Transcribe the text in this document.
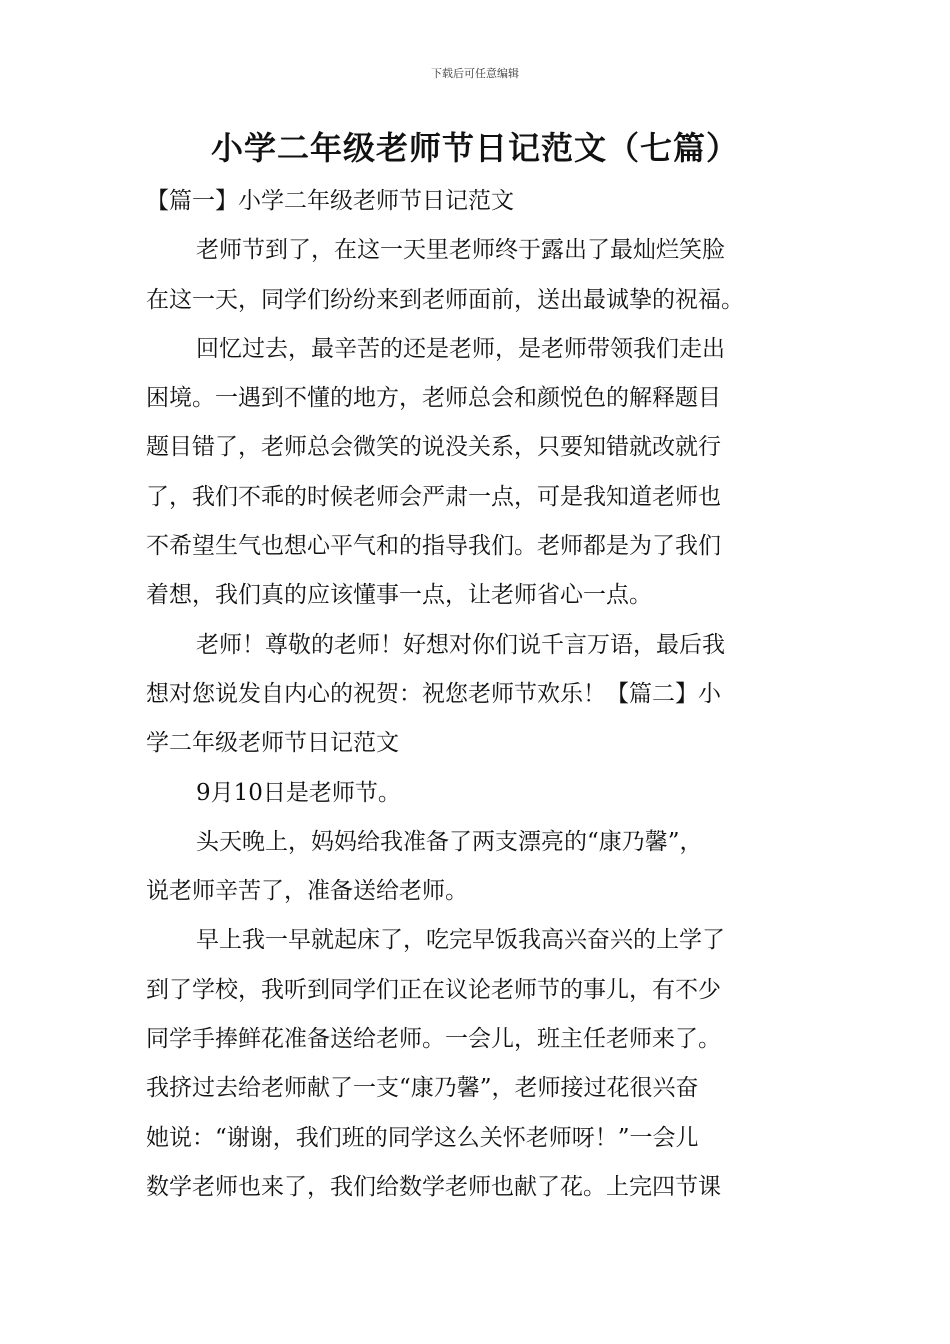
下载后可任意编辑
小学二年级老师节日记范文（七篇）
【篇一】小学二年级老师节日记范文
老师节到了，在这一天里老师终于露出了最灿烂笑脸
在这一天，同学们纷纷来到老师面前，送出最诚挚的祝福。
回忆过去，最辛苦的还是老师，是老师带领我们走出
困境。一遇到不懂的地方，老师总会和颜悦色的解释题目
题目错了，老师总会微笑的说没关系，只要知错就改就行
了，我们不乖的时候老师会严肃一点，可是我知道老师也
不希望生气也想心平气和的指导我们。老师都是为了我们
着想，我们真的应该懂事一点，让老师省心一点。
老师！尊敬的老师！好想对你们说千言万语，最后我
想对您说发自内心的祝贺：祝您老师节欢乐！【篇二】小
学二年级老师节日记范文
9月10日是老师节。
头天晚上，妈妈给我准备了两支漂亮的“康乃馨”，
说老师辛苦了，准备送给老师。
早上我一早就起床了，吃完早饭我高兴奋兴的上学了
到了学校，我听到同学们正在议论老师节的事儿，有不少
同学手捧鲜花准备送给老师。一会儿，班主任老师来了。
我挤过去给老师献了一支“康乃馨”，老师接过花很兴奋
她说：“谢谢，我们班的同学这么关怀老师呀！”一会儿
数学老师也来了，我们给数学老师也献了花。上完四节课
